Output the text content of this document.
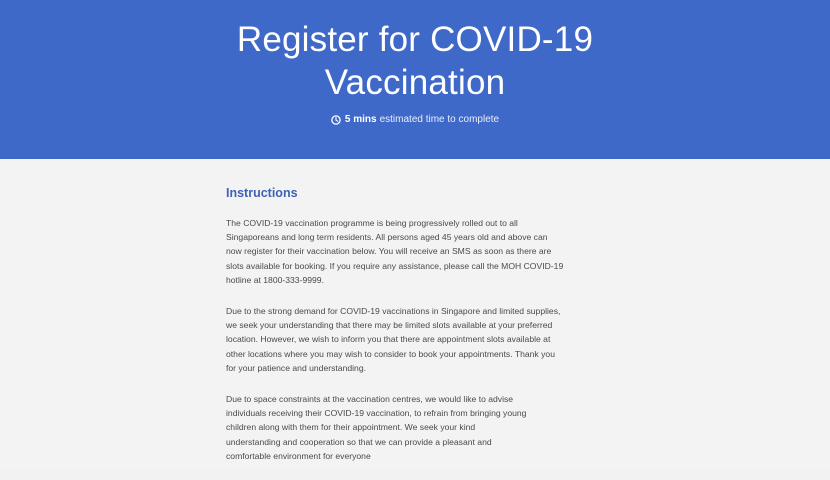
Register for COVID-19
Vaccination
5 mins estimated time to complete
Instructions

The COVID-19 vaccination programme is being progressively rolled out to all
Singaporeans and long term residents. All persons aged 45 years old and above can
now register for their vaccination below. You will receive an SMS as soon as there are
slots available for booking. If you require any assistance, please call the MOH COVID-19
hotline at 1800-333-9999.

Due to the strong demand for COVID-19 vaccinations in Singapore and limited supplies,
we seek your understanding that there may be limited slots available at your preferred
location. However, we wish to inform you that there are appointment slots available at
other locations where you may wish to consider to book your appointments. Thank you
for your patience and understanding.

Due to space constraints at the vaccination centres, we would like to advise
individuals receiving their COVID-19 vaccination, to refrain from bringing young
children along with them for their appointment. We seek your kind
understanding and cooperation so that we can provide a pleasant and
comfortable environment for everyone
